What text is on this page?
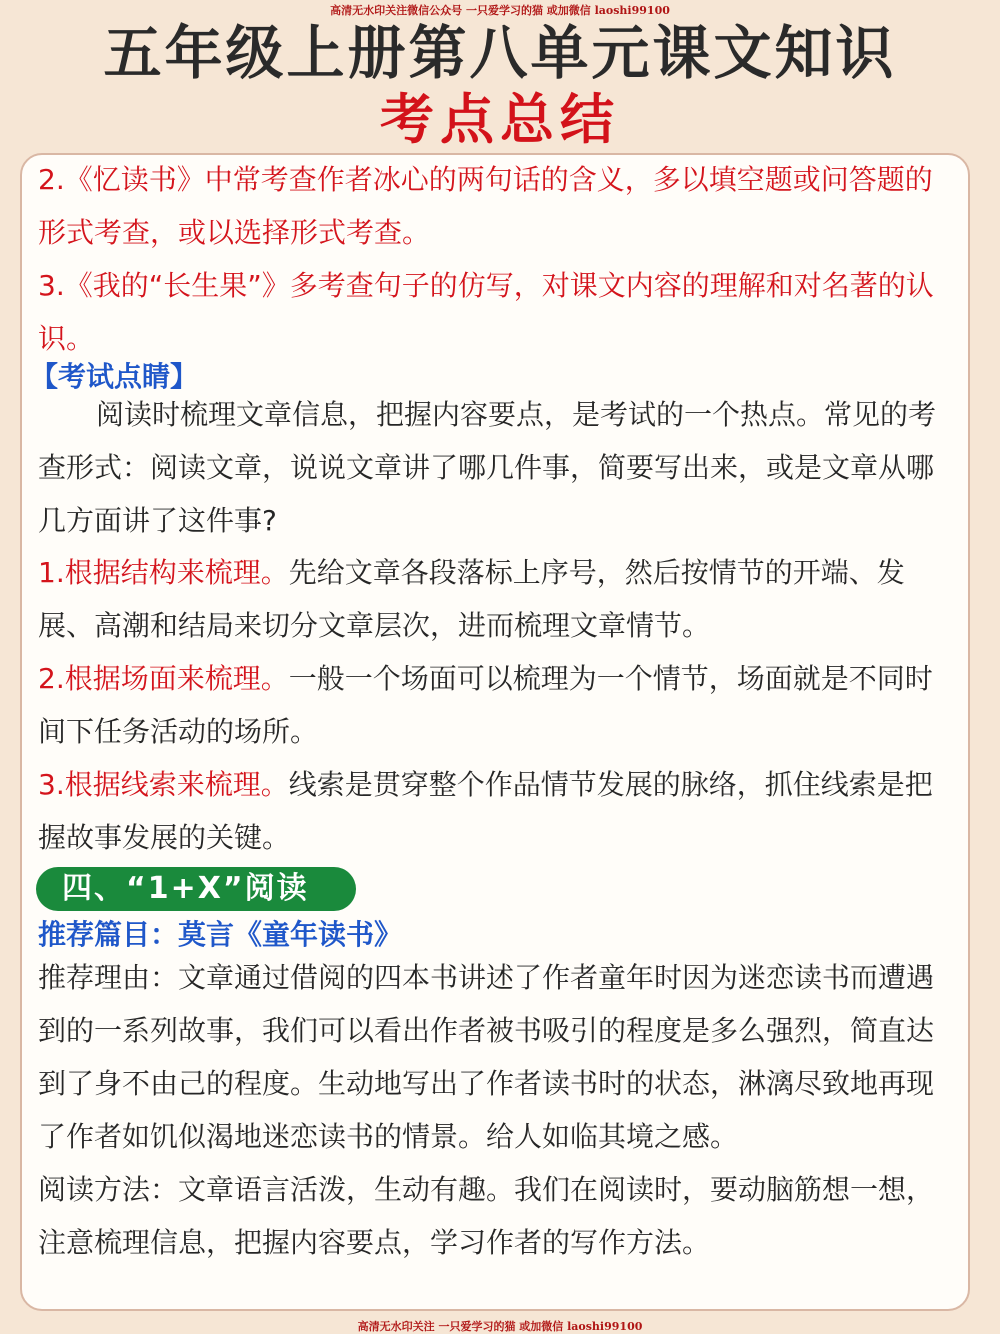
高清无水印关注微信公众号 一只爱学习的猫 或加微信 laoshi99100
五年级上册第八单元课文知识
考点总结

2.《忆读书》中常考查作者冰心的两句话的含义，多以填空题或问答题的形式考查，或以选择形式考查。

3.《我的“长生果”》多考查句子的仿写，对课文内容的理解和对名著的认识。

【考试点睛】

阅读时梳理文章信息，把握内容要点，是考试的一个热点。常见的考查形式：阅读文章，说说文章讲了哪几件事，简要写出来，或是文章从哪几方面讲了这件事?

1.根据结构来梳理。先给文章各段落标上序号，然后按情节的开端、发展、高潮和结局来切分文章层次，进而梳理文章情节。

2.根据场面来梳理。一般一个场面可以梳理为一个情节，场面就是不同时间下任务活动的场所。

3.根据线索来梳理。线索是贯穿整个作品情节发展的脉络，抓住线索是把握故事发展的关键。

四、“1+X”阅读

推荐篇目：莫言《童年读书》

推荐理由：文章通过借阅的四本书讲述了作者童年时因为迷恋读书而遭遇到的一系列故事，我们可以看出作者被书吸引的程度是多么强烈，简直达到了身不由己的程度。生动地写出了作者读书时的状态，淋漓尽致地再现了作者如饥似渴地迷恋读书的情景。给人如临其境之感。

阅读方法：文章语言活泼，生动有趣。我们在阅读时，要动脑筋想一想，注意梳理信息，把握内容要点，学习作者的写作方法。

高清无水印关注 一只爱学习的猫 或加微信 laoshi99100
